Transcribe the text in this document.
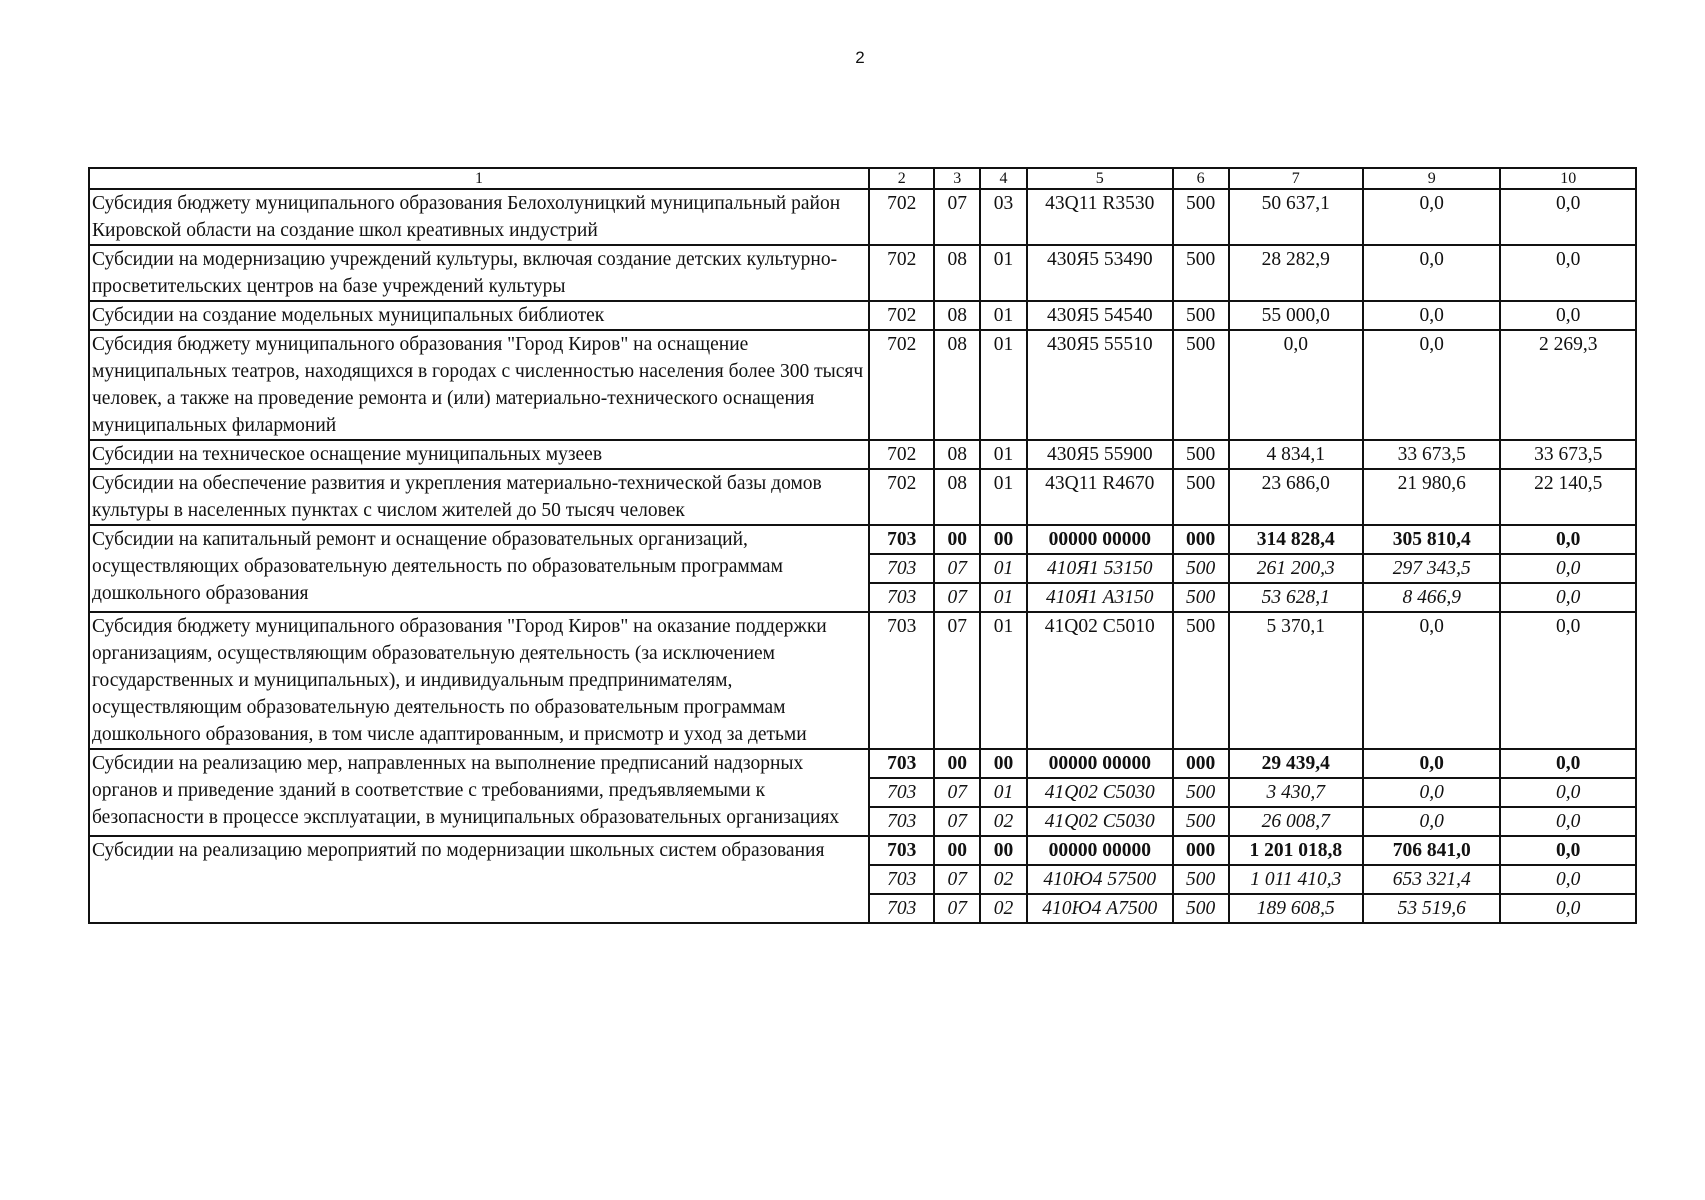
2
1	2	3	4	5	6	7	9	10
Субсидия бюджету муниципального образования Белохолуницкий муниципальный район Кировской области на создание школ креативных индустрий	702	07	03	43Q11 R3530	500	50 637,1	0,0	0,0
Субсидии на модернизацию учреждений культуры, включая создание детских культурно-просветительских центров на базе учреждений культуры	702	08	01	430Я5 53490	500	28 282,9	0,0	0,0
Субсидии на создание модельных муниципальных библиотек	702	08	01	430Я5 54540	500	55 000,0	0,0	0,0
Субсидия бюджету муниципального образования "Город Киров" на оснащение муниципальных театров, находящихся в городах с численностью населения более 300 тысяч человек, а также на проведение ремонта и (или) материально-технического оснащения муниципальных филармоний	702	08	01	430Я5 55510	500	0,0	0,0	2 269,3
Субсидии на техническое оснащение муниципальных музеев	702	08	01	430Я5 55900	500	4 834,1	33 673,5	33 673,5
Субсидии на обеспечение развития и укрепления материально-технической базы домов культуры в населенных пунктах с числом жителей до 50 тысяч человек	702	08	01	43Q11 R4670	500	23 686,0	21 980,6	22 140,5
Субсидии на капитальный ремонт и оснащение образовательных организаций, осуществляющих образовательную деятельность по образовательным программам дошкольного образования	703	00	00	00000 00000	000	314 828,4	305 810,4	0,0
	703	07	01	410Я1 53150	500	261 200,3	297 343,5	0,0
	703	07	01	410Я1 A3150	500	53 628,1	8 466,9	0,0
Субсидия бюджету муниципального образования "Город Киров" на оказание поддержки организациям, осуществляющим образовательную деятельность (за исключением государственных и муниципальных), и индивидуальным предпринимателям, осуществляющим образовательную деятельность по образовательным программам дошкольного образования, в том числе адаптированным, и присмотр и уход за детьми	703	07	01	41Q02 C5010	500	5 370,1	0,0	0,0
Субсидии на реализацию мер, направленных на выполнение предписаний надзорных органов и приведение зданий в соответствие с требованиями, предъявляемыми к безопасности в процессе эксплуатации, в муниципальных образовательных организациях	703	00	00	00000 00000	000	29 439,4	0,0	0,0
	703	07	01	41Q02 C5030	500	3 430,7	0,0	0,0
	703	07	02	41Q02 C5030	500	26 008,7	0,0	0,0
Субсидии на реализацию мероприятий по модернизации школьных систем образования	703	00	00	00000 00000	000	1 201 018,8	706 841,0	0,0
	703	07	02	410Ю4 57500	500	1 011 410,3	653 321,4	0,0
	703	07	02	410Ю4 A7500	500	189 608,5	53 519,6	0,0
